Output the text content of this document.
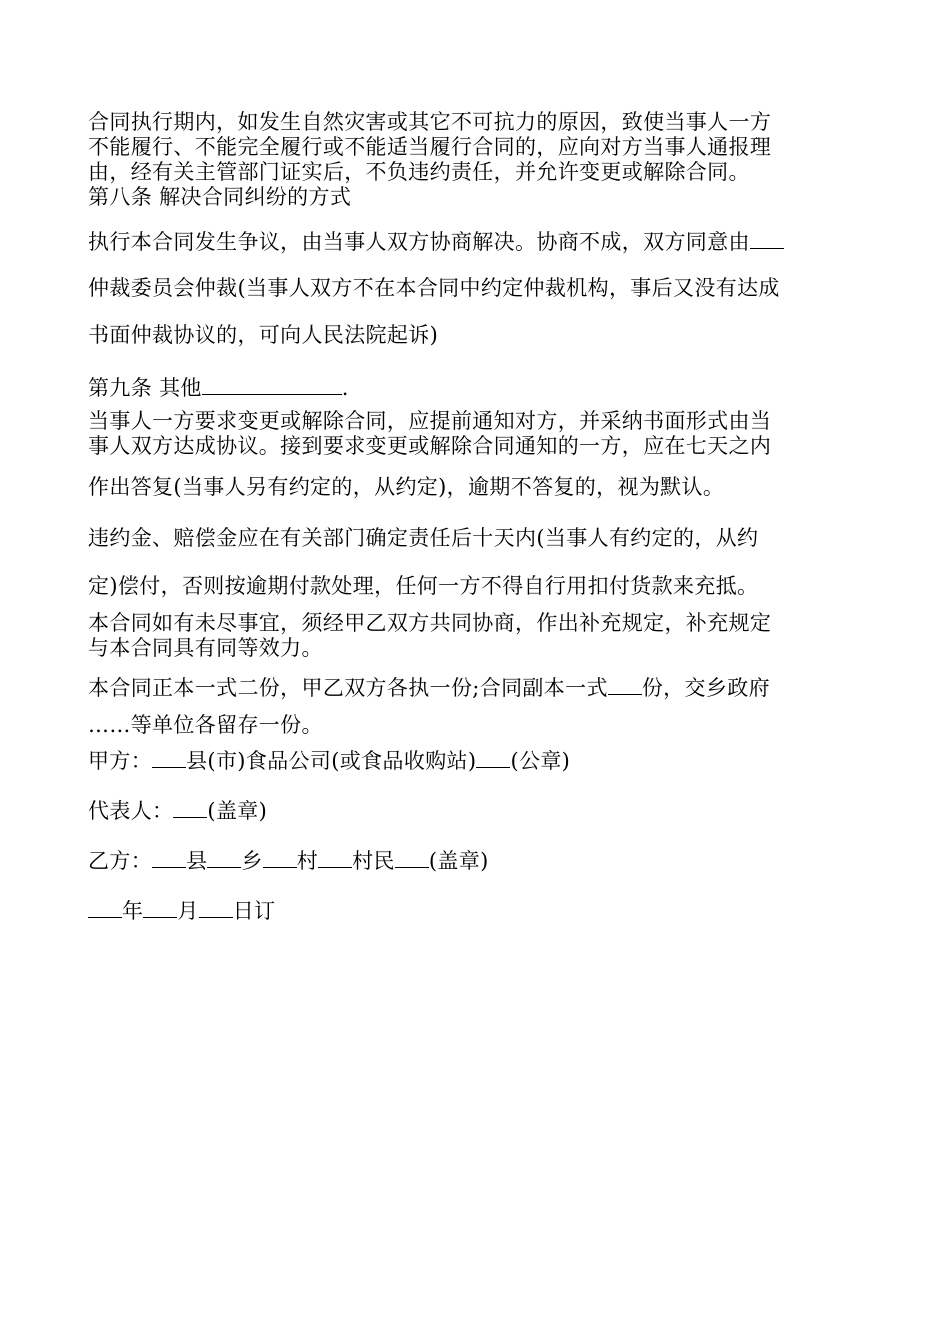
合同执行期内，如发生自然灾害或其它不可抗力的原因，致使当事人一方
不能履行、不能完全履行或不能适当履行合同的，应向对方当事人通报理
由，经有关主管部门证实后，不负违约责任，并允许变更或解除合同。
第八条 解决合同纠纷的方式
执行本合同发生争议，由当事人双方协商解决。协商不成，双方同意由
仲裁委员会仲裁(当事人双方不在本合同中约定仲裁机构，事后又没有达成
书面仲裁协议的，可向人民法院起诉)
第九条 其他	.
当事人一方要求变更或解除合同，应提前通知对方，并采纳书面形式由当
事人双方达成协议。接到要求变更或解除合同通知的一方，应在七天之内
作出答复(当事人另有约定的，从约定)，逾期不答复的，视为默认。
违约金、赔偿金应在有关部门确定责任后十天内(当事人有约定的，从约
定)偿付，否则按逾期付款处理，任何一方不得自行用扣付货款来充抵。
本合同如有未尽事宜，须经甲乙双方共同协商，作出补充规定，补充规定
与本合同具有同等效力。
本合同正本一式二份，甲乙双方各执一份;合同副本一式 份，交乡政府
……等单位各留存一份。
甲方： 县(市)食品公司(或食品收购站) (公章)
代表人： (盖章)
乙方： 县 乡 村 村民 (盖章)
年 月 日订
